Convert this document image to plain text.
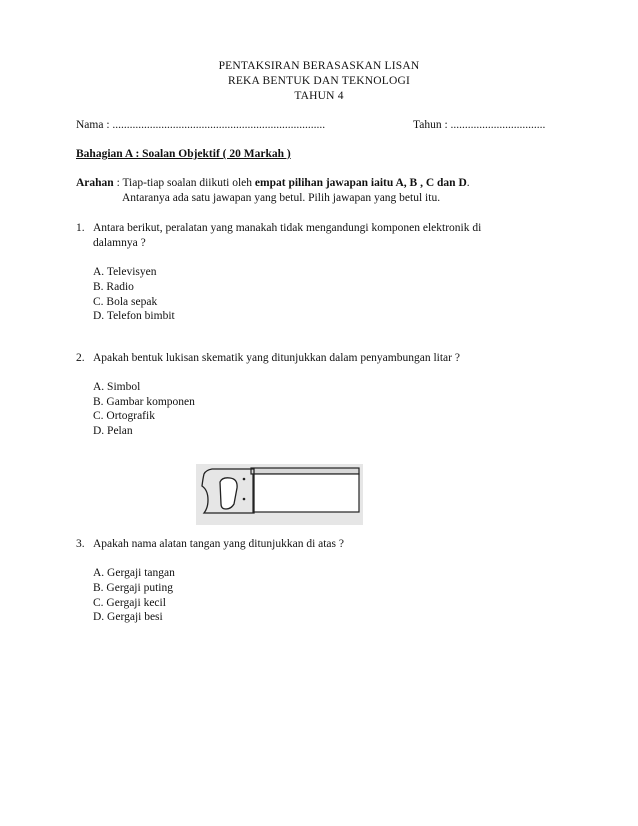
PENTAKSIRAN BERASASKAN LISAN
REKA BENTUK DAN TEKNOLOGI
TAHUN 4
Nama : ..........................................................................	Tahun : .................................
Bahagian A : Soalan Objektif ( 20 Markah )
Arahan : Tiap-tiap soalan diikuti oleh empat pilihan jawapan iaitu A, B , C dan D.
Antaranya ada satu jawapan yang betul. Pilih jawapan yang betul itu.
1. Antara berikut, peralatan yang manakah tidak mengandungi komponen elektronik di
dalamnya ?
A. Televisyen
B. Radio
C. Bola sepak
D. Telefon bimbit
2. Apakah bentuk lukisan skematik yang ditunjukkan dalam penyambungan litar ?
A. Simbol
B. Gambar komponen
C. Ortografik
D. Pelan
3. Apakah nama alatan tangan yang ditunjukkan di atas ?
A. Gergaji tangan
B. Gergaji puting
C. Gergaji kecil
D. Gergaji besi
